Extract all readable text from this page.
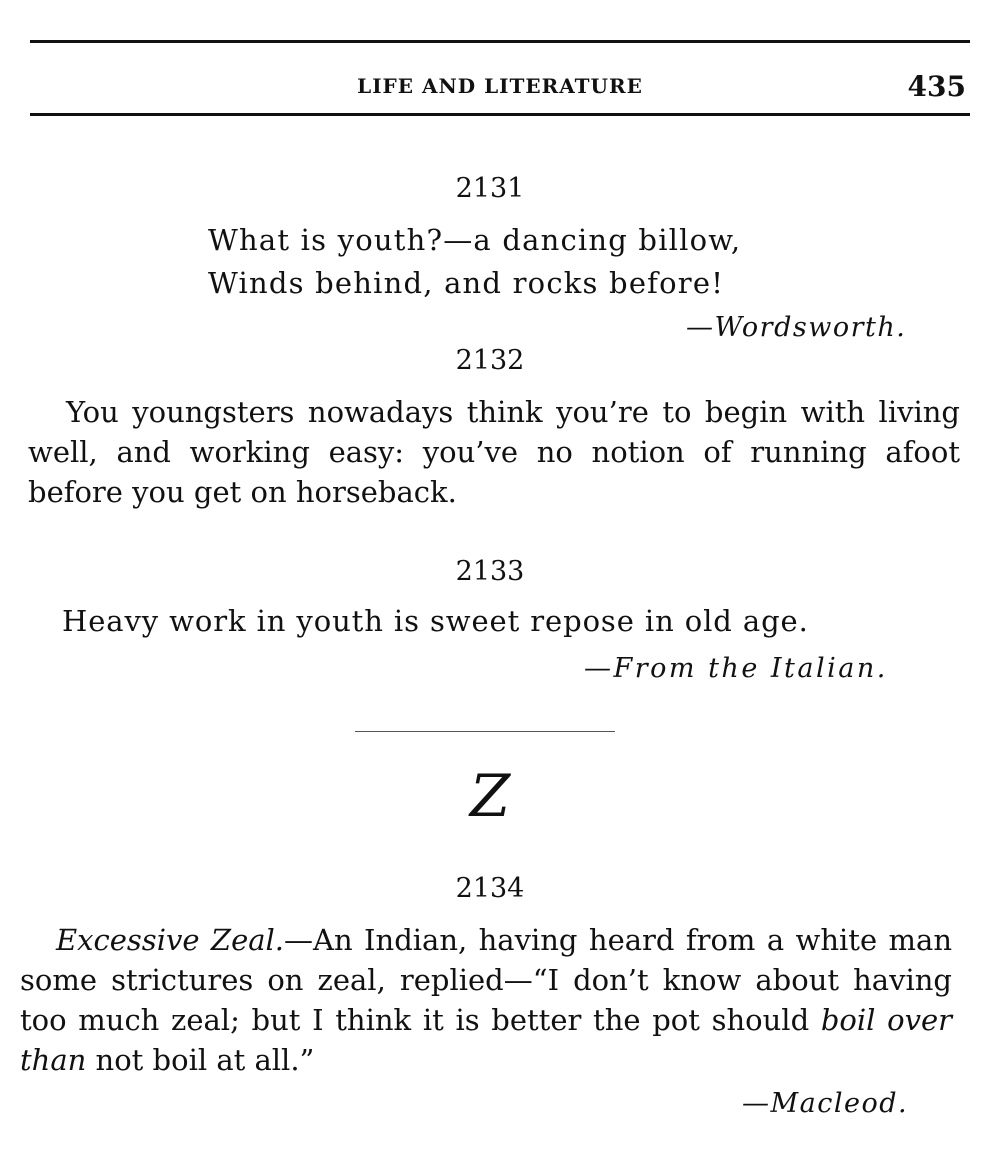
LIFE AND LITERATURE	435
2131
What is youth?—a dancing billow,
Winds behind, and rocks before!
—Wordsworth.
2132
You youngsters nowadays think you’re to begin with living well, and working easy: you’ve no notion of running afoot before you get on horseback.
2133
Heavy work in youth is sweet repose in old age.
—From the Italian.
Z
2134
Excessive Zeal.—An Indian, having heard from a white man some strictures on zeal, replied—“I don’t know about having too much zeal; but I think it is better the pot should boil over than not boil at all.”
—Macleod.
